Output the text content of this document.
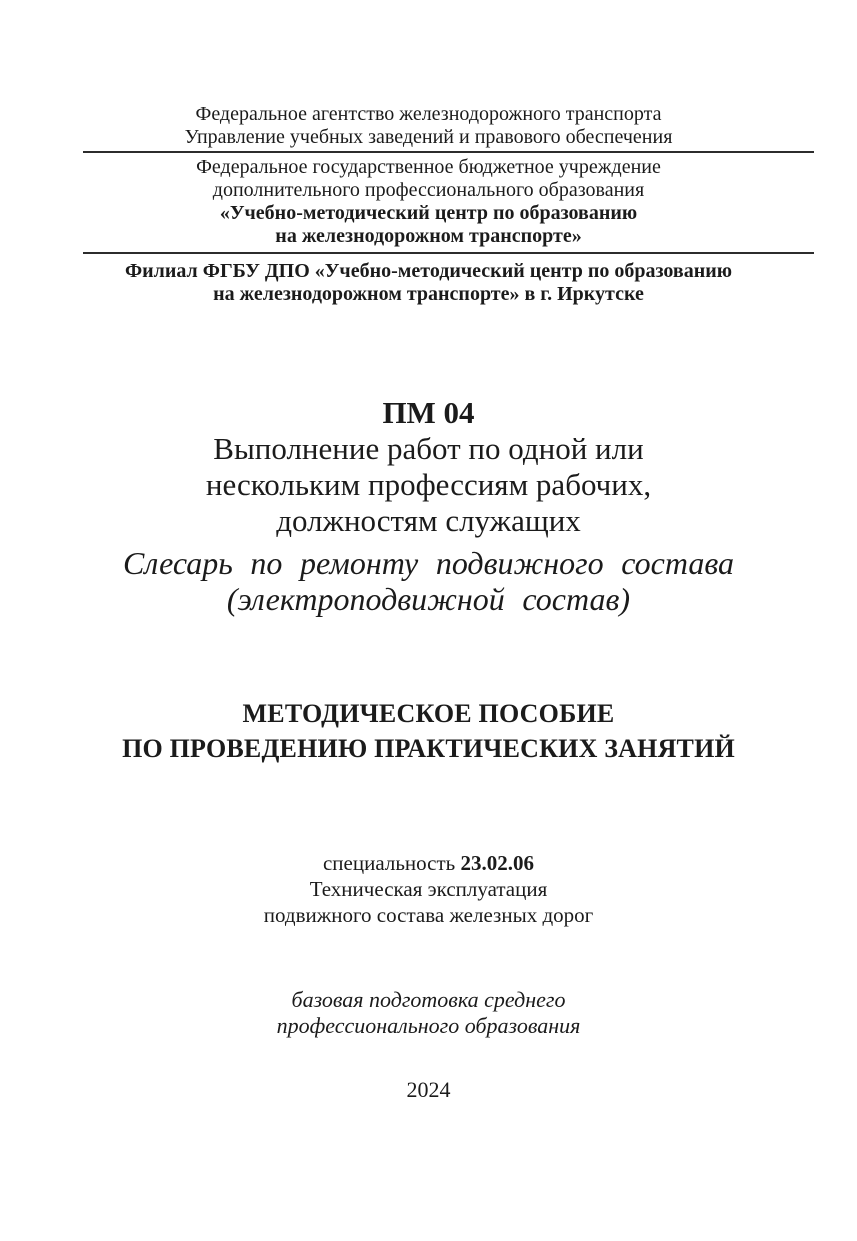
Федеральное агентство железнодорожного транспорта
Управление учебных заведений и правового обеспечения
Федеральное государственное бюджетное учреждение
дополнительного профессионального образования
«Учебно-методический центр по образованию
на железнодорожном транспорте»
Филиал ФГБУ ДПО «Учебно-методический центр по образованию
на железнодорожном транспорте» в г. Иркутске
ПМ 04
Выполнение работ по одной или
нескольким профессиям рабочих,
должностям служащих
Слесарь по ремонту подвижного состава
(электроподвижной состав)
МЕТОДИЧЕСКОЕ ПОСОБИЕ
ПО ПРОВЕДЕНИЮ ПРАКТИЧЕСКИХ ЗАНЯТИЙ
специальность 23.02.06
Техническая эксплуатация
подвижного состава железных дорог
базовая подготовка среднего
профессионального образования
2024
